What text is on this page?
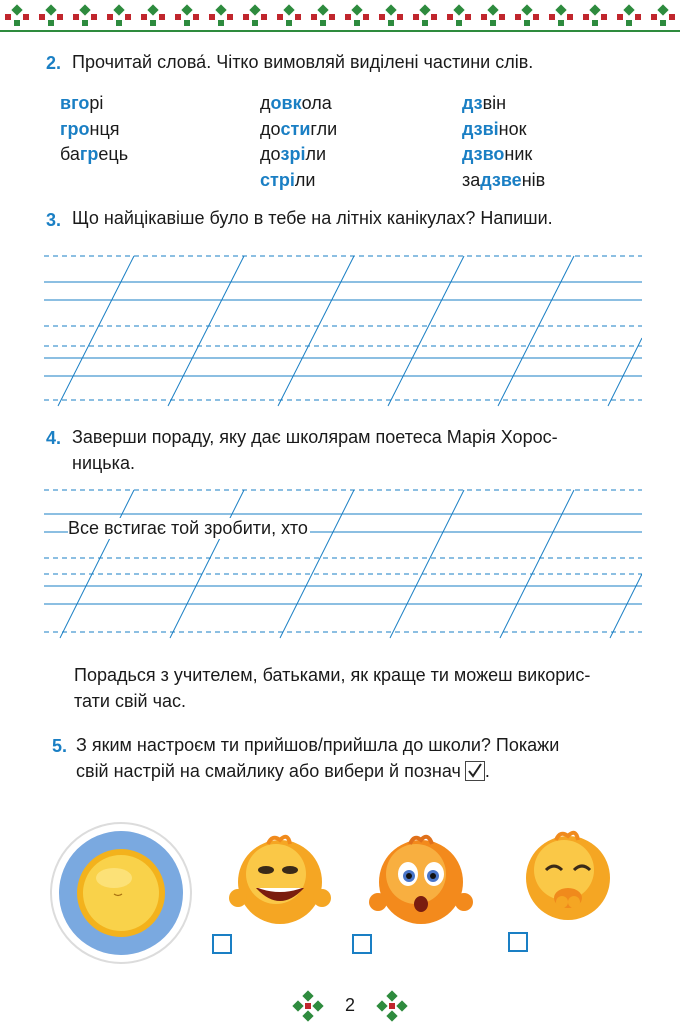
2. Прочитай слова́. Чітко вимовляй виділені частини слів.
вгорі
гронця
багрець
довкола
достигли
дозріли
стріли
дзвін
дзвінок
дзвоник
задзвенів
3. Що найцікавіше було в тебе на літніх канікулах? Напиши.
4. Заверши пораду, яку дає школярам поетеса Марія Хорос-
ницька.
Все встигає той зробити, хто
Порадься з учителем, батьками, як краще ти можеш викорис-
тати свій час.
5. З яким настроєм ти прийшов/прийшла до школи? Покажи
свій настрій на смайлику або вибери й познач .
2
